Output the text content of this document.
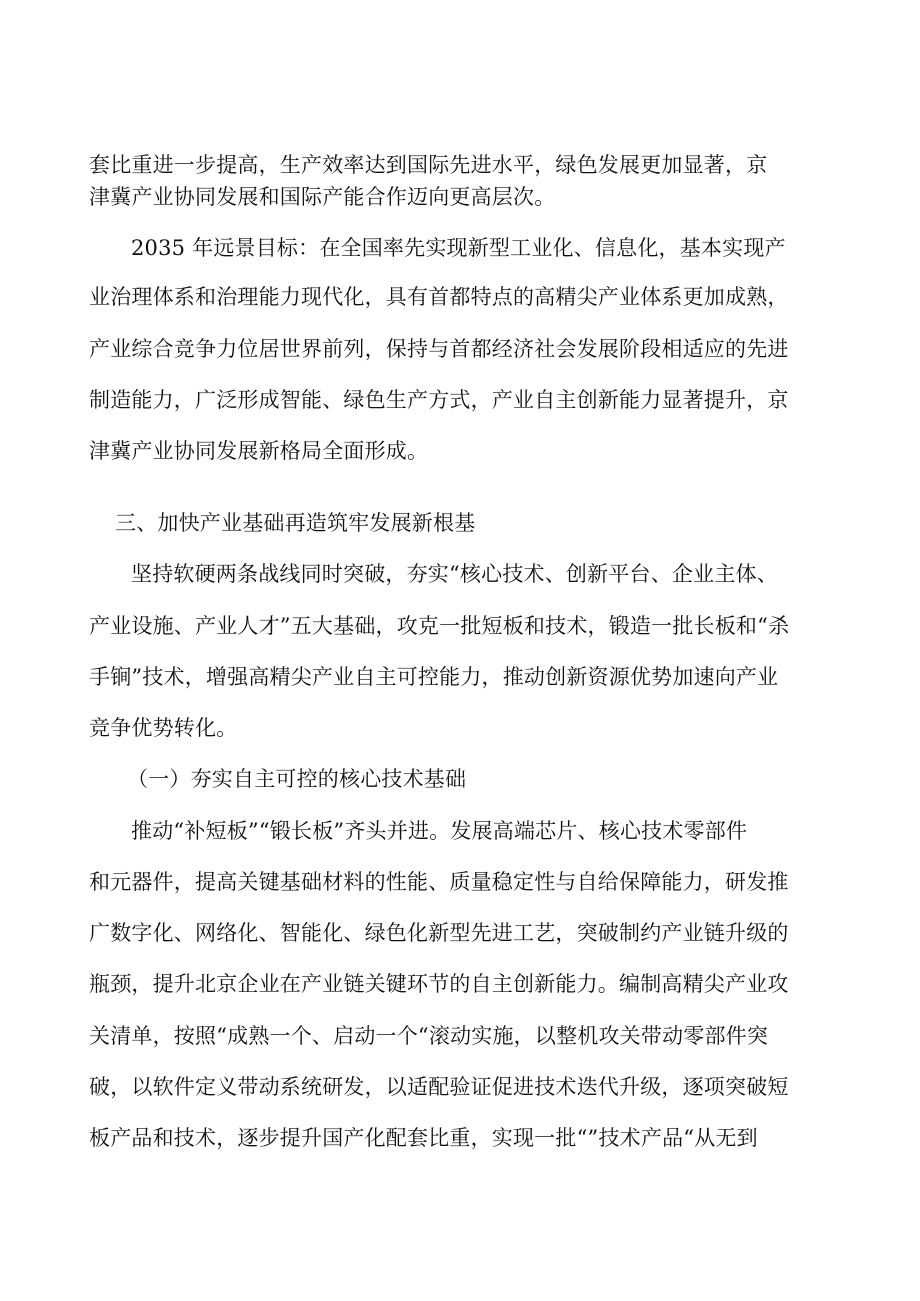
套比重进一步提高，生产效率达到国际先进水平，绿色发展更加显著，京
津冀产业协同发展和国际产能合作迈向更高层次。
2035 年远景目标：在全国率先实现新型工业化、信息化，基本实现产
业治理体系和治理能力现代化，具有首都特点的高精尖产业体系更加成熟，
产业综合竞争力位居世界前列，保持与首都经济社会发展阶段相适应的先进
制造能力，广泛形成智能、绿色生产方式，产业自主创新能力显著提升，京
津冀产业协同发展新格局全面形成。
三、加快产业基础再造筑牢发展新根基
坚持软硬两条战线同时突破，夯实“核心技术、创新平台、企业主体、
产业设施、产业人才”五大基础，攻克一批短板和技术，锻造一批长板和“杀
手锏”技术，增强高精尖产业自主可控能力，推动创新资源优势加速向产业
竞争优势转化。
（一）夯实自主可控的核心技术基础
推动“补短板”“锻长板”齐头并进。发展高端芯片、核心技术零部件
和元器件，提高关键基础材料的性能、质量稳定性与自给保障能力，研发推
广数字化、网络化、智能化、绿色化新型先进工艺，突破制约产业链升级的
瓶颈，提升北京企业在产业链关键环节的自主创新能力。编制高精尖产业攻
关清单，按照“成熟一个、启动一个“滚动实施，以整机攻关带动零部件突
破，以软件定义带动系统研发，以适配验证促进技术迭代升级，逐项突破短
板产品和技术，逐步提升国产化配套比重，实现一批“”技术产品“从无到
